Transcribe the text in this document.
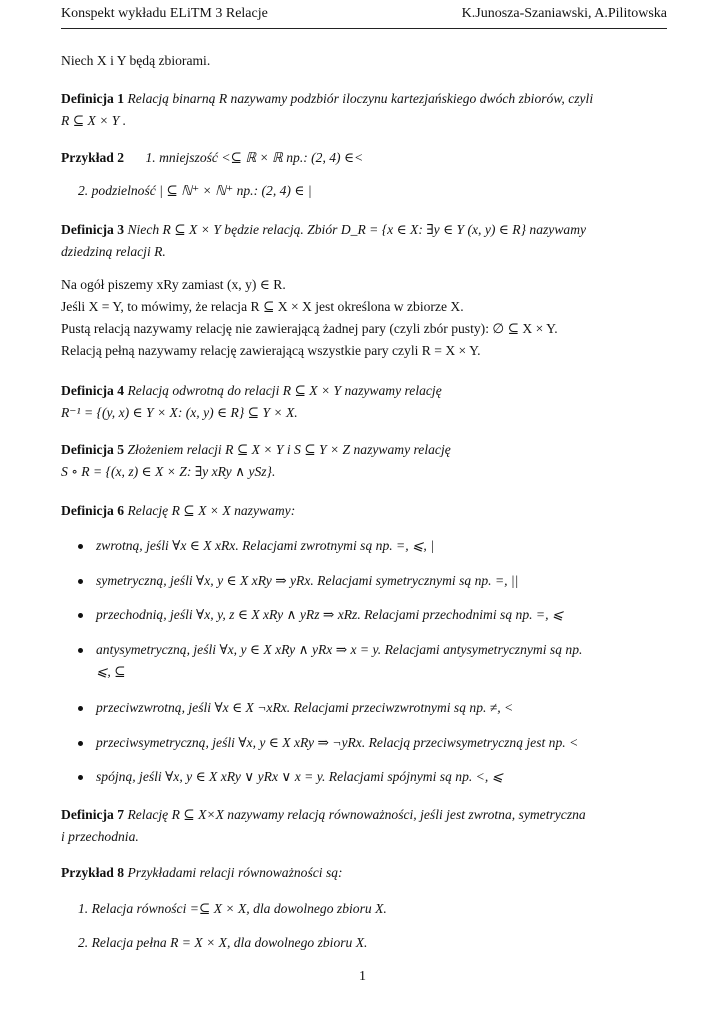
Konspekt wykładu ELiTM 3 Relacje	K.Junosza-Szaniawski, A.Pilitowska
Niech X i Y będą zbiorami.
Definicja 1 Relacją binarną R nazywamy podzbiór iloczynu kartezjańskiego dwóch zbiorów, czyli
R ⊆ X × Y .
Przykład 2 1. mniejszość <⊆ ℝ × ℝ np.: (2, 4) ∈<
2. podzielność | ⊆ ℕ⁺ × ℕ⁺ np.: (2, 4) ∈ |
Definicja 3 Niech R ⊆ X × Y będzie relacją. Zbiór D_R = {x ∈ X: ∃y ∈ Y (x, y) ∈ R} nazywamy
dziedziną relacji R.
Na ogół piszemy xRy zamiast (x, y) ∈ R.
Jeśli X = Y, to mówimy, że relacja R ⊆ X × X jest określona w zbiorze X.
Pustą relacją nazywamy relację nie zawierającą żadnej pary (czyli zbór pusty): ∅ ⊆ X × Y.
Relacją pełną nazywamy relację zawierającą wszystkie pary czyli R = X × Y.
Definicja 4 Relacją odwrotną do relacji R ⊆ X × Y nazywamy relację
R⁻¹ = {(y, x) ∈ Y × X: (x, y) ∈ R} ⊆ Y × X.
Definicja 5 Złożeniem relacji R ⊆ X × Y i S ⊆ Y × Z nazywamy relację
S ∘ R = {(x, z) ∈ X × Z: ∃y xRy ∧ ySz}.
Definicja 6 Relację R ⊆ X × X nazywamy:
zwrotną, jeśli ∀x ∈ X xRx. Relacjami zwrotnymi są np. =, ⩽, |
symetryczną, jeśli ∀x, y ∈ X xRy ⇒ yRx. Relacjami symetrycznymi są np. =, ||
przechodnią, jeśli ∀x, y, z ∈ X xRy ∧ yRz ⇒ xRz. Relacjami przechodnimi są np. =, ⩽
antysymetryczną, jeśli ∀x, y ∈ X xRy ∧ yRx ⇒ x = y. Relacjami antysymetrycznymi są np.
⩽, ⊆
przeciwzwrotną, jeśli ∀x ∈ X ¬xRx. Relacjami przeciwzwrotnymi są np. ≠, <
przeciwsymetryczną, jeśli ∀x, y ∈ X xRy ⇒ ¬yRx. Relacją przeciwsymetryczną jest np. <
spójną, jeśli ∀x, y ∈ X xRy ∨ yRx ∨ x = y. Relacjami spójnymi są np. <, ⩽
Definicja 7 Relację R ⊆ X×X nazywamy relacją równoważności, jeśli jest zwrotna, symetryczna
i przechodnia.
Przykład 8 Przykładami relacji równoważności są:
1. Relacja równości =⊆ X × X, dla dowolnego zbioru X.
2. Relacja pełna R = X × X, dla dowolnego zbioru X.
1
